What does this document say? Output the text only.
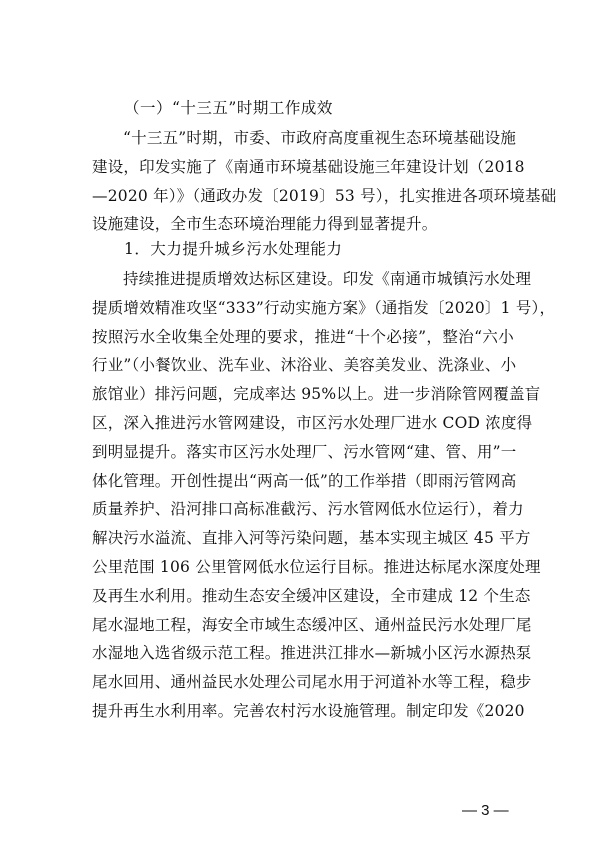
（一）“十三五”时期工作成效
“十三五”时期，市委、市政府高度重视生态环境基础设施
建设，印发实施了《南通市环境基础设施三年建设计划（2018
—2020 年）》（通政办发〔2019〕53 号），扎实推进各项环境基础
设施建设，全市生态环境治理能力得到显著提升。
1．大力提升城乡污水处理能力
持续推进提质增效达标区建设。印发《南通市城镇污水处理
提质增效精准攻坚“333”行动实施方案》（通指发〔2020〕1 号），
按照污水全收集全处理的要求，推进“十个必接”，整治“六小
行业”（小餐饮业、洗车业、沐浴业、美容美发业、洗涤业、小
旅馆业）排污问题，完成率达 95%以上。进一步消除管网覆盖盲
区，深入推进污水管网建设，市区污水处理厂进水 COD 浓度得
到明显提升。落实市区污水处理厂、污水管网“建、管、用”一
体化管理。开创性提出“两高一低”的工作举措（即雨污管网高
质量养护、沿河排口高标准截污、污水管网低水位运行），着力
解决污水溢流、直排入河等污染问题，基本实现主城区 45 平方
公里范围 106 公里管网低水位运行目标。推进达标尾水深度处理
及再生水利用。推动生态安全缓冲区建设，全市建成 12 个生态
尾水湿地工程，海安全市域生态缓冲区、通州益民污水处理厂尾
水湿地入选省级示范工程。推进洪江排水—新城小区污水源热泵
尾水回用、通州益民水处理公司尾水用于河道补水等工程，稳步
提升再生水利用率。完善农村污水设施管理。制定印发《2020
— 3 —
